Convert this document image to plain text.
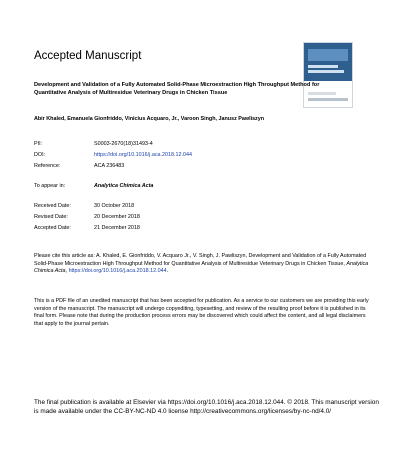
Accepted Manuscript
Development and Validation of a Fully Automated Solid-Phase Microextraction High Throughput Method for Quantitative Analysis of Multiresidue Veterinary Drugs in Chicken Tissue
Abir Khaled, Emanuela Gionfriddo, Vinicius Acquaro, Jr., Varoon Singh, Janusz Pawliszyn
PII:	S0003-2670(18)31493-4
DOI:	https://doi.org/10.1016/j.aca.2018.12.044
Reference:	ACA 236483
To appear in:	Analytica Chimica Acta
Received Date:	30 October 2018
Revised Date:	20 December 2018
Accepted Date:	21 December 2018
Please cite this article as: A. Khaled, E. Gionfriddo, V. Acquaro Jr., V. Singh, J. Pawliszyn, Development and Validation of a Fully Automated Solid-Phase Microextraction High Throughput Method for Quantitative Analysis of Multiresidue Veterinary Drugs in Chicken Tissue, Analytica Chimica Acta, https://doi.org/10.1016/j.aca.2018.12.044.
This is a PDF file of an unedited manuscript that has been accepted for publication. As a service to our customers we are providing this early version of the manuscript. The manuscript will undergo copyediting, typesetting, and review of the resulting proof before it is published in its final form. Please note that during the production process errors may be discovered which could affect the content, and all legal disclaimers that apply to the journal pertain.
The final publication is available at Elsevier via https://doi.org/10.1016/j.aca.2018.12.044. © 2018. This manuscript version is made available under the CC-BY-NC-ND 4.0 license http://creativecommons.org/licenses/by-nc-nd/4.0/
